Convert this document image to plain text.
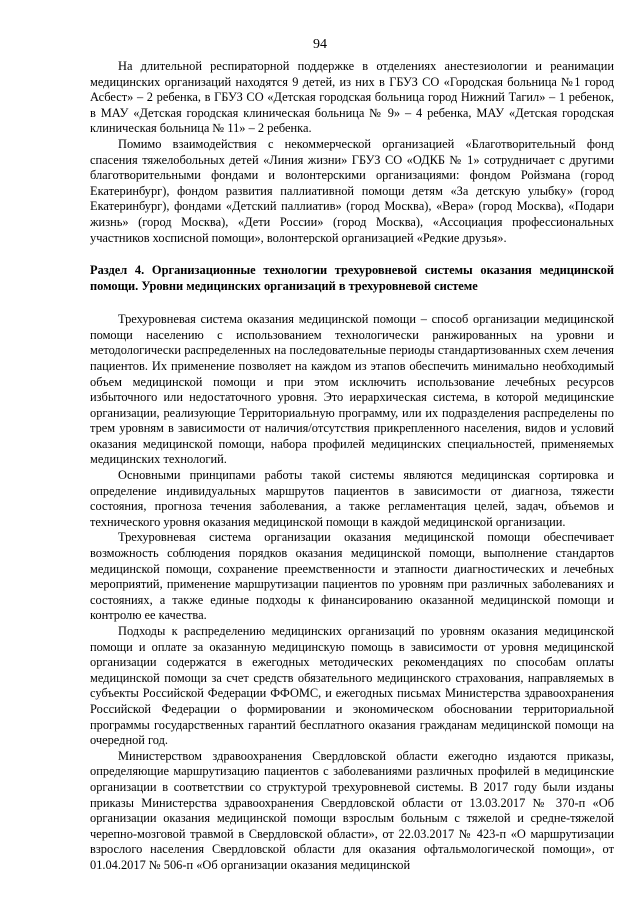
94

На длительной респираторной поддержке в отделениях анестезиологии и реанимации медицинских организаций находятся 9 детей, из них в ГБУЗ СО «Городская больница №1 город Асбест» – 2 ребенка, в ГБУЗ СО «Детская городская больница город Нижний Тагил» – 1 ребенок, в МАУ «Детская городская клиническая больница № 9» – 4 ребенка, МАУ «Детская городская клиническая больница № 11» – 2 ребенка.

Помимо взаимодействия с некоммерческой организацией «Благотворительный фонд спасения тяжелобольных детей «Линия жизни» ГБУЗ СО «ОДКБ № 1» сотрудничает с другими благотворительными фондами и волонтерскими организациями: фондом Ройзмана (город Екатеринбург), фондом развития паллиативной помощи детям «За детскую улыбку» (город Екатеринбург), фондами «Детский паллиатив» (город Москва), «Вера» (город Москва), «Подари жизнь» (город Москва), «Дети России» (город Москва), «Ассоциация профессиональных участников хосписной помощи», волонтерской организацией «Редкие друзья».

Раздел 4. Организационные технологии трехуровневой системы оказания медицинской помощи. Уровни медицинских организаций в трехуровневой системе

Трехуровневая система оказания медицинской помощи – способ организации медицинской помощи населению с использованием технологически ранжированных на уровни и методологически распределенных на последовательные периоды стандартизованных схем лечения пациентов. Их применение позволяет на каждом из этапов обеспечить минимально необходимый объем медицинской помощи и при этом исключить использование лечебных ресурсов избыточного или недостаточного уровня. Это иерархическая система, в которой медицинские организации, реализующие Территориальную программу, или их подразделения распределены по трем уровням в зависимости от наличия/отсутствия прикрепленного населения, видов и условий оказания медицинской помощи, набора профилей медицинских специальностей, применяемых медицинских технологий.

Основными принципами работы такой системы являются медицинская сортировка и определение индивидуальных маршрутов пациентов в зависимости от диагноза, тяжести состояния, прогноза течения заболевания, а также регламентация целей, задач, объемов и технического уровня оказания медицинской помощи в каждой медицинской организации.

Трехуровневая система организации оказания медицинской помощи обеспечивает возможность соблюдения порядков оказания медицинской помощи, выполнение стандартов медицинской помощи, сохранение преемственности и этапности диагностических и лечебных мероприятий, применение маршрутизации пациентов по уровням при различных заболеваниях и состояниях, а также единые подходы к финансированию оказанной медицинской помощи и контролю ее качества.

Подходы к распределению медицинских организаций по уровням оказания медицинской помощи и оплате за оказанную медицинскую помощь в зависимости от уровня медицинской организации содержатся в ежегодных методических рекомендациях по способам оплаты медицинской помощи за счет средств обязательного медицинского страхования, направляемых в субъекты Российской Федерации ФФОМС, и ежегодных письмах Министерства здравоохранения Российской Федерации о формировании и экономическом обосновании территориальной программы государственных гарантий бесплатного оказания гражданам медицинской помощи на очередной год.

Министерством здравоохранения Свердловской области ежегодно издаются приказы, определяющие маршрутизацию пациентов с заболеваниями различных профилей в медицинские организации в соответствии со структурой трехуровневой системы. В 2017 году были изданы приказы Министерства здравоохранения Свердловской области от 13.03.2017 № 370-п «Об организации оказания медицинской помощи взрослым больным с тяжелой и средне-тяжелой черепно-мозговой травмой в Свердловской области», от 22.03.2017 № 423-п «О маршрутизации взрослого населения Свердловской области для оказания офтальмологической помощи», от 01.04.2017 № 506-п «Об организации оказания медицинской
